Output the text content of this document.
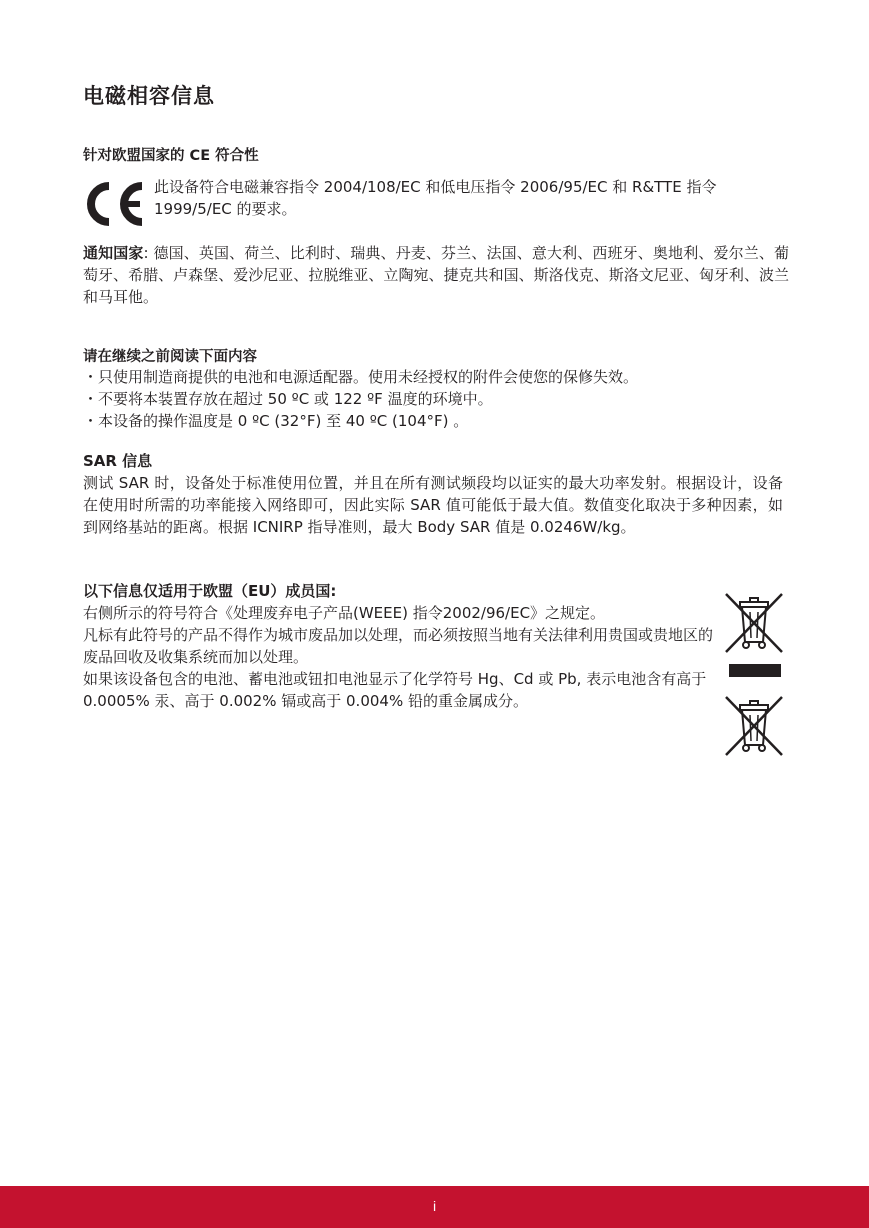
电磁相容信息
针对欧盟国家的 CE 符合性
此设备符合电磁兼容指令 2004/108/EC 和低电压指令 2006/95/EC 和 R&TTE 指令 1999/5/EC 的要求。
通知国家: 德国、英国、荷兰、比利时、瑞典、丹麦、芬兰、法国、意大利、西班牙、奥地利、爱尔兰、葡萄牙、希腊、卢森堡、爱沙尼亚、拉脱维亚、立陶宛、捷克共和国、斯洛伐克、斯洛文尼亚、匈牙利、波兰和马耳他。
请在继续之前阅读下面内容
・只使用制造商提供的电池和电源适配器。使用未经授权的附件会使您的保修失效。
・不要将本装置存放在超过 50 ºC 或 122 ºF 温度的环境中。
・本设备的操作温度是 0 ºC (32°F) 至 40 ºC (104°F) 。
SAR 信息
测试 SAR 时，设备处于标准使用位置，并且在所有测试频段均以证实的最大功率发射。根据设计，设备在使用时所需的功率能接入网络即可，因此实际 SAR 值可能低于最大值。数值变化取决于多种因素，如到网络基站的距离。根据 ICNIRP 指导准则，最大 Body SAR 值是 0.0246W/kg。
以下信息仅适用于欧盟（EU）成员国:
右侧所示的符号符合《处理废弃电子产品(WEEE) 指令2002/96/EC》之规定。
凡标有此符号的产品不得作为城市废品加以处理，而必须按照当地有关法律利用贵国或贵地区的废品回收及收集系统而加以处理。
如果该设备包含的电池、蓄电池或钮扣电池显示了化学符号 Hg、Cd 或 Pb, 表示电池含有高于 0.0005% 汞、高于 0.002% 镉或高于 0.004% 铅的重金属成分。
i
